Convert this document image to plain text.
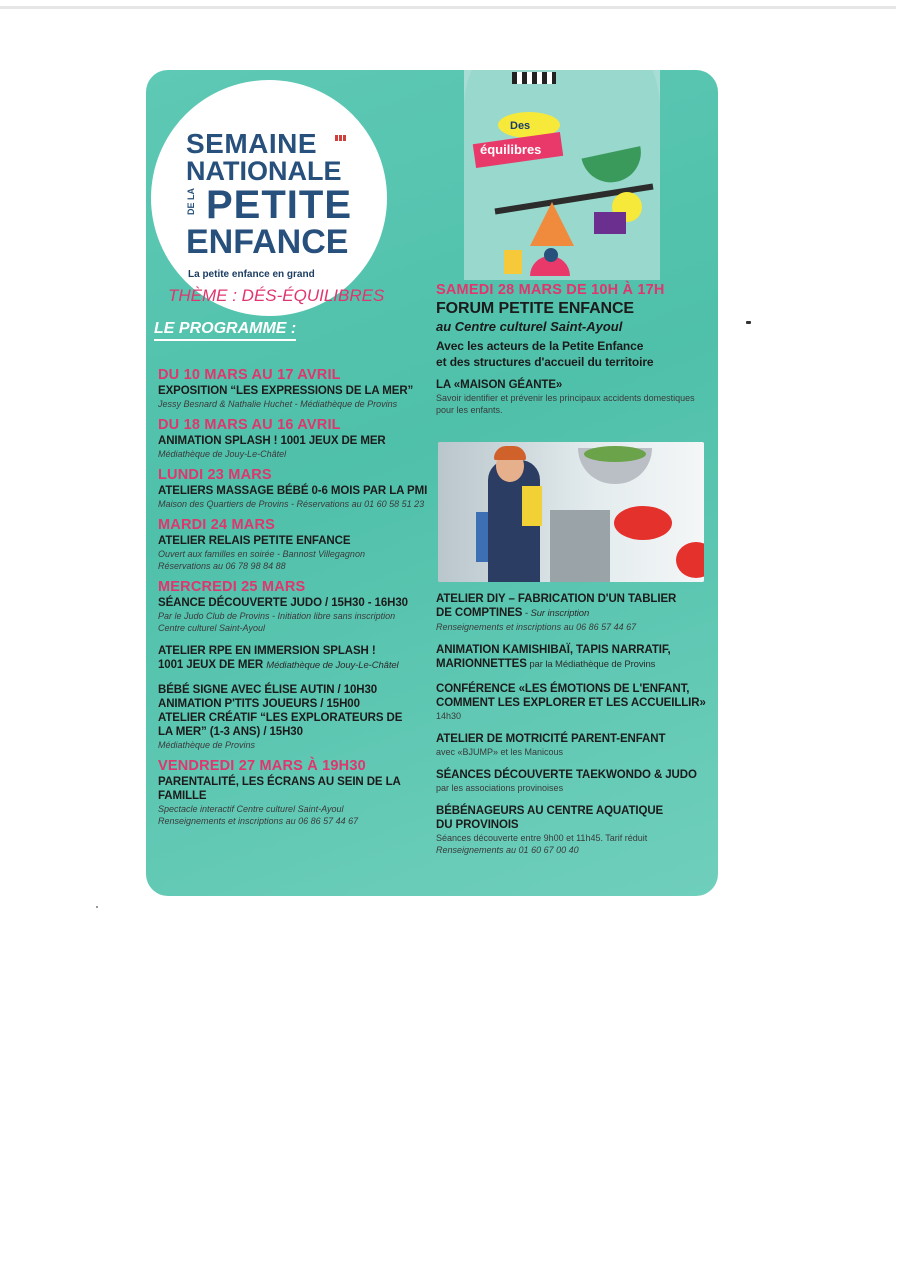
SEMAINE
NATIONALE
DE LA PETITE
ENFANCE
La petite enfance en grand
THÈME : DÉS-ÉQUILIBRES
LE PROGRAMME :
Des
équilibres
DU 10 MARS AU 17 AVRIL
EXPOSITION “LES EXPRESSIONS DE LA MER”
Jessy Besnard & Nathalie Huchet - Médiathèque de Provins
DU 18 MARS AU 16 AVRIL
ANIMATION SPLASH ! 1001 JEUX DE MER
Médiathèque de Jouy-Le-Châtel
LUNDI 23 MARS
ATELIERS MASSAGE BÉBÉ 0-6 MOIS PAR LA PMI
Maison des Quartiers de Provins - Réservations au 01 60 58 51 23
MARDI 24 MARS
ATELIER RELAIS PETITE ENFANCE
Ouvert aux familles en soirée - Bannost Villegagnon
Réservations au 06 78 98 84 88
MERCREDI 25 MARS
SÉANCE DÉCOUVERTE JUDO / 15H30 - 16H30
Par le Judo Club de Provins - Initiation libre sans inscription
Centre culturel Saint-Ayoul
ATELIER RPE EN IMMERSION SPLASH !
1001 JEUX DE MER Médiathèque de Jouy-Le-Châtel
BÉBÉ SIGNE AVEC ÉLISE AUTIN / 10H30
ANIMATION P'TITS JOUEURS / 15H00
ATELIER CRÉATIF “LES EXPLORATEURS DE
LA MER” (1-3 ANS) / 15H30
Médiathèque de Provins
VENDREDI 27 MARS À 19H30
PARENTALITÉ, LES ÉCRANS AU SEIN DE LA FAMILLE
Spectacle interactif Centre culturel Saint-Ayoul
Renseignements et inscriptions au 06 86 57 44 67
SAMEDI 28 MARS DE 10H À 17H
FORUM PETITE ENFANCE
au Centre culturel Saint-Ayoul
Avec les acteurs de la Petite Enfance
et des structures d'accueil du territoire
LA «MAISON GÉANTE»
Savoir identifier et prévenir les principaux accidents domestiques pour les enfants.
ATELIER DIY – FABRICATION D'UN TABLIER
DE COMPTINES - Sur inscription
Renseignements et inscriptions au 06 86 57 44 67
ANIMATION KAMISHIBAÏ, TAPIS NARRATIF,
MARIONNETTES par la Médiathèque de Provins
CONFÉRENCE «LES ÉMOTIONS DE L'ENFANT,
COMMENT LES EXPLORER ET LES ACCUEILLIR»
14h30
ATELIER DE MOTRICITÉ PARENT-ENFANT
avec «BJUMP» et les Manicous
SÉANCES DÉCOUVERTE TAEKWONDO & JUDO
par les associations provinoises
BÉBÉNAGEURS AU CENTRE AQUATIQUE
DU PROVINOIS
Séances découverte entre 9h00 et 11h45. Tarif réduit
Renseignements au 01 60 67 00 40
